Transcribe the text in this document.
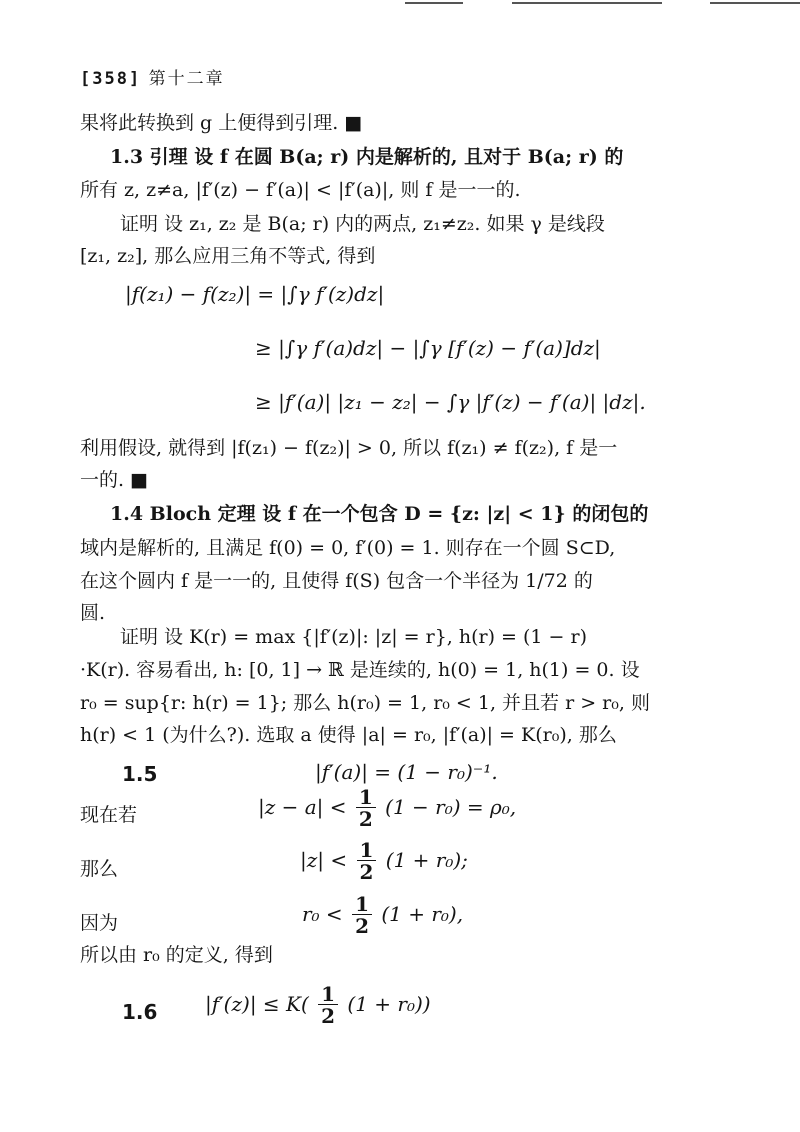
[358] 第十二章
果将此转换到 g 上便得到引理. ■
1.3 引理 设 f 在圆 B(a; r) 内是解析的, 且对于 B(a; r) 的
所有 z, z≠a, |f′(z) − f′(a)| < |f′(a)|, 则 f 是一一的.
证明 设 z₁, z₂ 是 B(a; r) 内的两点, z₁≠z₂. 如果 γ 是线段
[z₁, z₂], 那么应用三角不等式, 得到
|f(z₁) − f(z₂)| = |∫γ f′(z)dz|
≥ |∫γ f′(a)dz| − |∫γ [f′(z) − f′(a)]dz|
≥ |f′(a)| |z₁ − z₂| − ∫γ |f′(z) − f′(a)| |dz|.
利用假设, 就得到 |f(z₁) − f(z₂)| > 0, 所以 f(z₁) ≠ f(z₂), f 是一
一的. ■
1.4 Bloch 定理 设 f 在一个包含 D = {z: |z| < 1} 的闭包的
域内是解析的, 且满足 f(0) = 0, f′(0) = 1. 则存在一个圆 S⊂D,
在这个圆内 f 是一一的, 且使得 f(S) 包含一个半径为 1/72 的
圆.
证明 设 K(r) = max {|f′(z)|: |z| = r}, h(r) = (1 − r)
·K(r). 容易看出, h: [0, 1] → ℝ 是连续的, h(0) = 1, h(1) = 0. 设
r₀ = sup{r: h(r) = 1}; 那么 h(r₀) = 1, r₀ < 1, 并且若 r > r₀, 则
h(r) < 1 (为什么?). 选取 a 使得 |a| = r₀, |f′(a)| = K(r₀), 那么
1.5	|f′(a)| = (1 − r₀)⁻¹.
现在若	$|z - a| < \frac{1}{2} (1 - r_0) = \rho_0$,
那么	$|z| < \frac{1}{2} (1 + r_0)$;
因为	$r_0 < \frac{1}{2} (1 + r_0)$,
所以由 r₀ 的定义, 得到
1.6 $|f'(z)| \le K( \frac{1}{2} (1 + r_0))$
